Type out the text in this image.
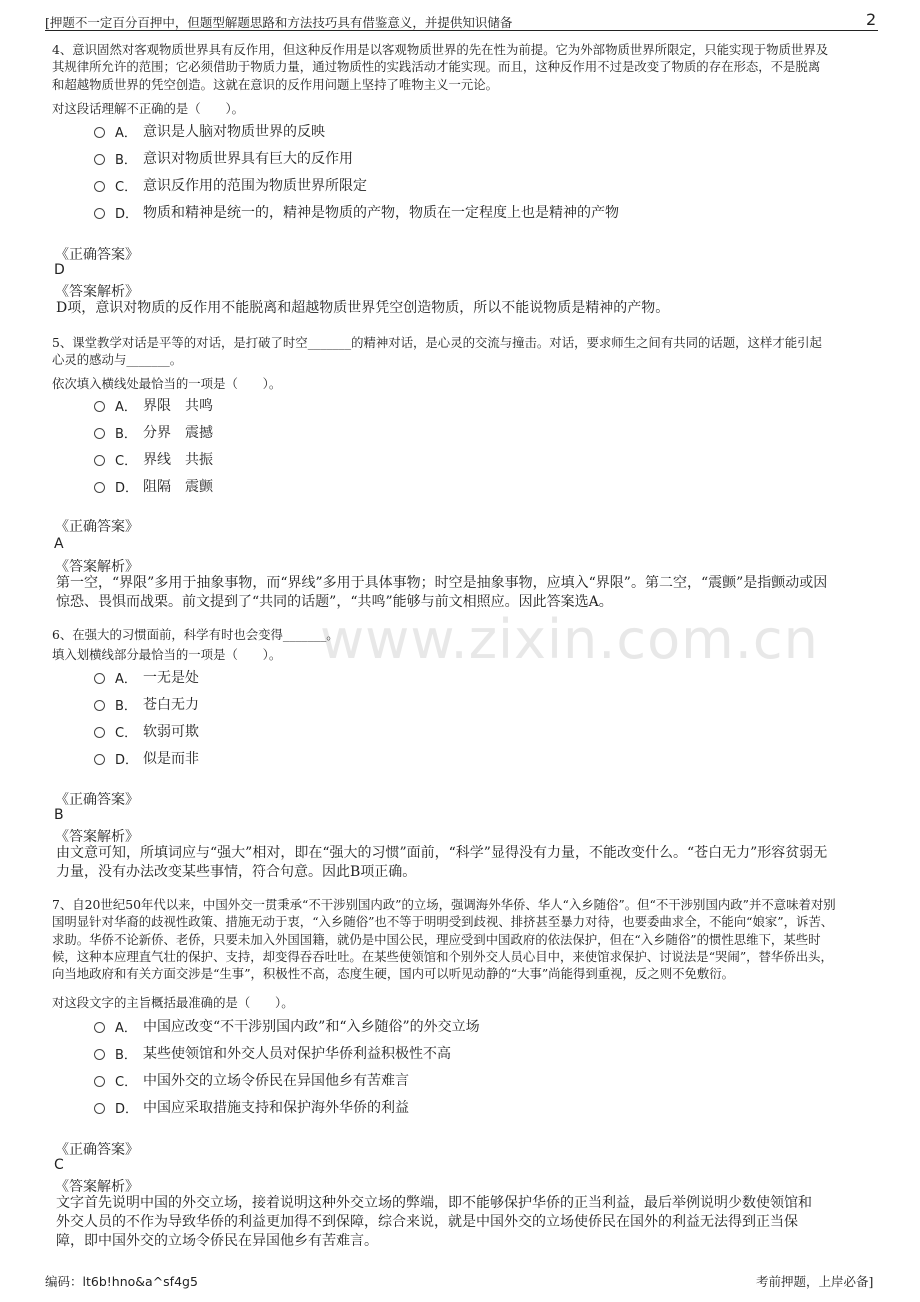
[押题不一定百分百押中，但题型解题思路和方法技巧具有借鉴意义，并提供知识储备	2
www.zixin.com.cn
4、意识固然对客观物质世界具有反作用，但这种反作用是以客观物质世界的先在性为前提。它为外部物质世界所限定，只能实现于物质世界及
其规律所允许的范围；它必须借助于物质力量，通过物质性的实践活动才能实现。而且，这种反作用不过是改变了物质的存在形态，不是脱离
和超越物质世界的凭空创造。这就在意识的反作用问题上坚持了唯物主义一元论。
对这段话理解不正确的是（　　）。
A． 意识是人脑对物质世界的反映
B． 意识对物质世界具有巨大的反作用
C． 意识反作用的范围为物质世界所限定
D． 物质和精神是统一的，精神是物质的产物，物质在一定程度上也是精神的产物
《正确答案》
D
《答案解析》
D项，意识对物质的反作用不能脱离和超越物质世界凭空创造物质，所以不能说物质是精神的产物。
5、课堂教学对话是平等的对话，是打破了时空_______的精神对话，是心灵的交流与撞击。对话，要求师生之间有共同的话题，这样才能引起
心灵的感动与_______。
依次填入横线处最恰当的一项是（　　）。
A． 界限　共鸣
B． 分界　震撼
C． 界线　共振
D． 阻隔　震颤
《正确答案》
A
《答案解析》
第一空，“界限”多用于抽象事物，而“界线”多用于具体事物；时空是抽象事物，应填入“界限”。第二空，“震颤”是指颤动或因
惊恐、畏惧而战栗。前文提到了“共同的话题”，“共鸣”能够与前文相照应。因此答案选A。
6、在强大的习惯面前，科学有时也会变得_______。
填入划横线部分最恰当的一项是（　　）。
A． 一无是处
B． 苍白无力
C． 软弱可欺
D． 似是而非
《正确答案》
B
《答案解析》
由文意可知，所填词应与“强大”相对，即在“强大的习惯”面前，“科学”显得没有力量，不能改变什么。“苍白无力”形容贫弱无
力量，没有办法改变某些事情，符合句意。因此B项正确。
7、自20世纪50年代以来，中国外交一贯秉承“不干涉别国内政”的立场，强调海外华侨、华人“入乡随俗”。但“不干涉别国内政”并不意味着对别
国明显针对华裔的歧视性政策、措施无动于衷，“入乡随俗”也不等于明明受到歧视、排挤甚至暴力对待，也要委曲求全，不能向“娘家”，诉苦、
求助。华侨不论新侨、老侨，只要未加入外国国籍，就仍是中国公民，理应受到中国政府的依法保护，但在“入乡随俗”的惯性思维下，某些时
候，这种本应理直气壮的保护、支持，却变得吞吞吐吐。在某些使领馆和个别外交人员心目中，来使馆求保护、讨说法是“哭闹”，替华侨出头，
向当地政府和有关方面交涉是“生事”，积极性不高，态度生硬，国内可以听见动静的“大事”尚能得到重视，反之则不免敷衍。
对这段文字的主旨概括最准确的是（　　）。
A． 中国应改变“不干涉别国内政”和“入乡随俗”的外交立场
B． 某些使领馆和外交人员对保护华侨利益积极性不高
C． 中国外交的立场令侨民在异国他乡有苦难言
D． 中国应采取措施支持和保护海外华侨的利益
《正确答案》
C
《答案解析》
文字首先说明中国的外交立场，接着说明这种外交立场的弊端，即不能够保护华侨的正当利益，最后举例说明少数使领馆和
外交人员的不作为导致华侨的利益更加得不到保障，综合来说，就是中国外交的立场使侨民在国外的利益无法得到正当保
障，即中国外交的立场令侨民在异国他乡有苦难言。
编码：lt6b!hno&a^sf4g5	考前押题，上岸必备]
